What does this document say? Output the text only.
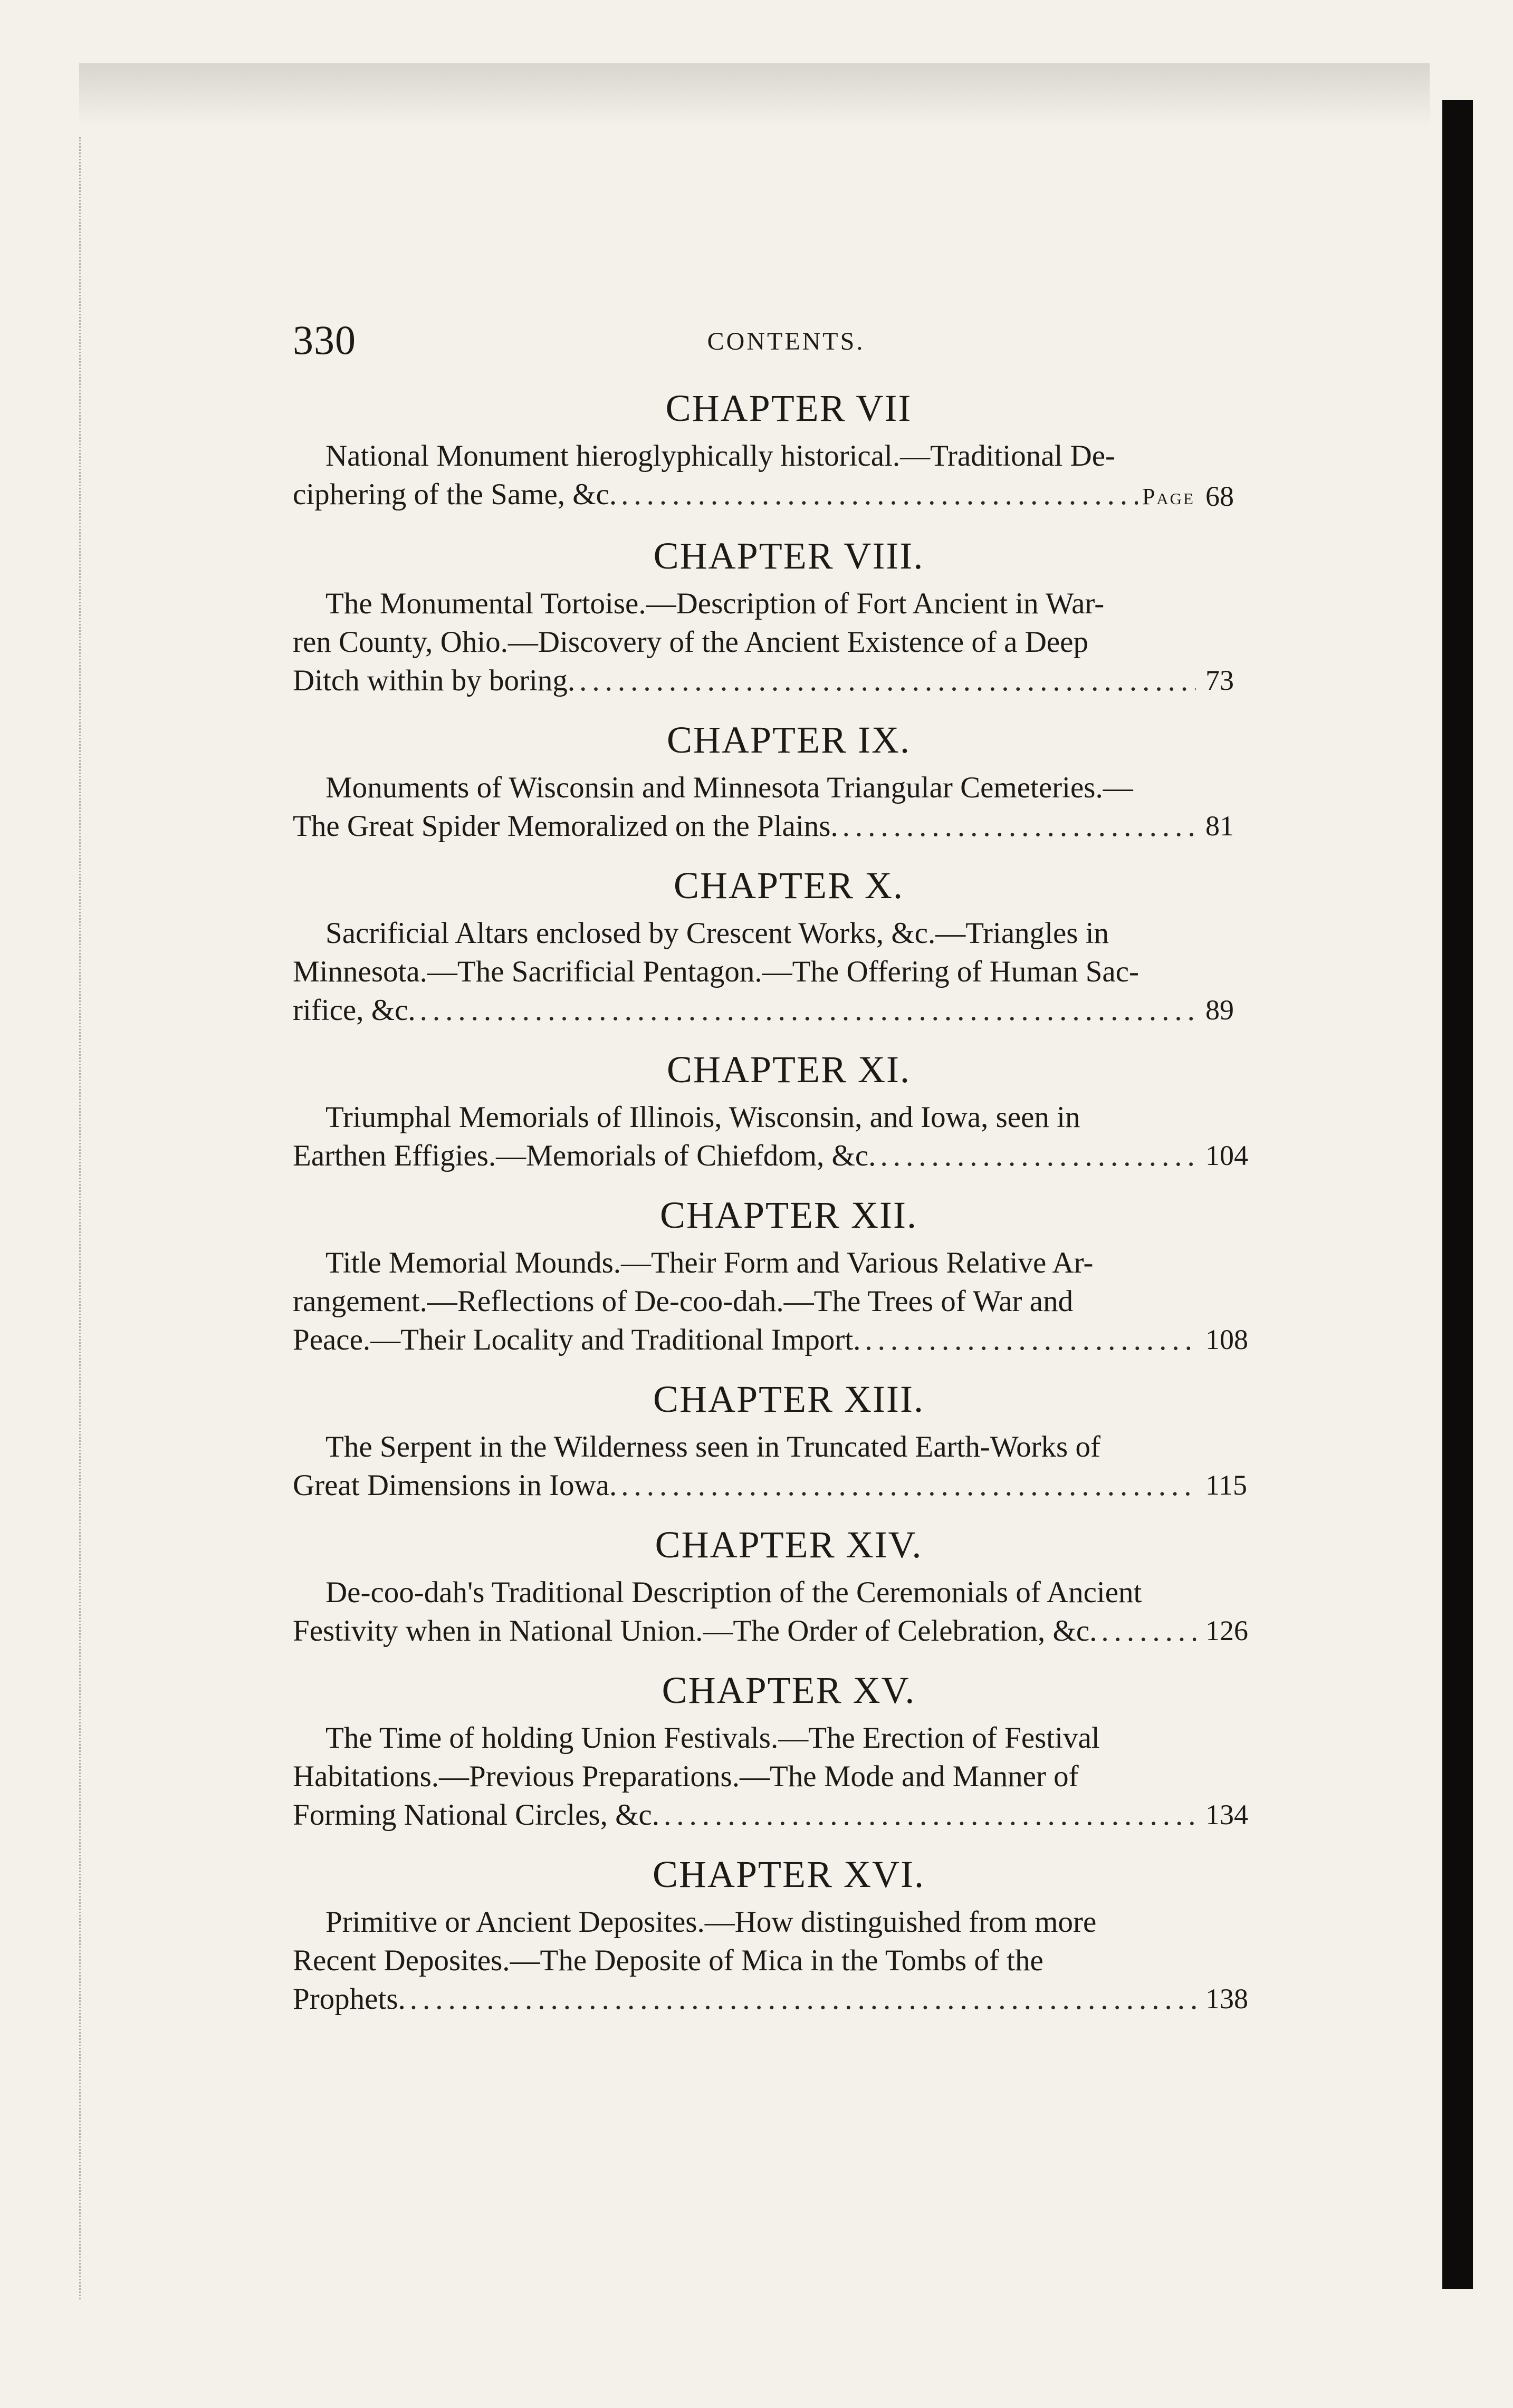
330	CONTENTS.
CHAPTER VII
National Monument hieroglyphically historical.—Traditional De-
ciphering of the Same, &c. .....	Page 68
CHAPTER VIII.
The Monumental Tortoise.—Description of Fort Ancient in War-
ren County, Ohio.—Discovery of the Ancient Existence of a Deep
Ditch within by boring. .....	73
CHAPTER IX.
Monuments of Wisconsin and Minnesota Triangular Cemeteries.—
The Great Spider Memoralized on the Plains. .....	81
CHAPTER X.
Sacrificial Altars enclosed by Crescent Works, &c.—Triangles in
Minnesota.—The Sacrificial Pentagon.—The Offering of Human Sac-
rifice, &c. .....	89
CHAPTER XI.
Triumphal Memorials of Illinois, Wisconsin, and Iowa, seen in
Earthen Effigies.—Memorials of Chiefdom, &c. .....	104
CHAPTER XII.
Title Memorial Mounds.—Their Form and Various Relative Ar-
rangement.—Reflections of De-coo-dah.—The Trees of War and
Peace.—Their Locality and Traditional Import. .....	108
CHAPTER XIII.
The Serpent in the Wilderness seen in Truncated Earth-Works of
Great Dimensions in Iowa. .....	115
CHAPTER XIV.
De-coo-dah's Traditional Description of the Ceremonials of Ancient
Festivity when in National Union.—The Order of Celebration, &c. .....	126
CHAPTER XV.
The Time of holding Union Festivals.—The Erection of Festival
Habitations.—Previous Preparations.—The Mode and Manner of
Forming National Circles, &c. .....	134
CHAPTER XVI.
Primitive or Ancient Deposites.—How distinguished from more
Recent Deposites.—The Deposite of Mica in the Tombs of the
Prophets. .....	138
